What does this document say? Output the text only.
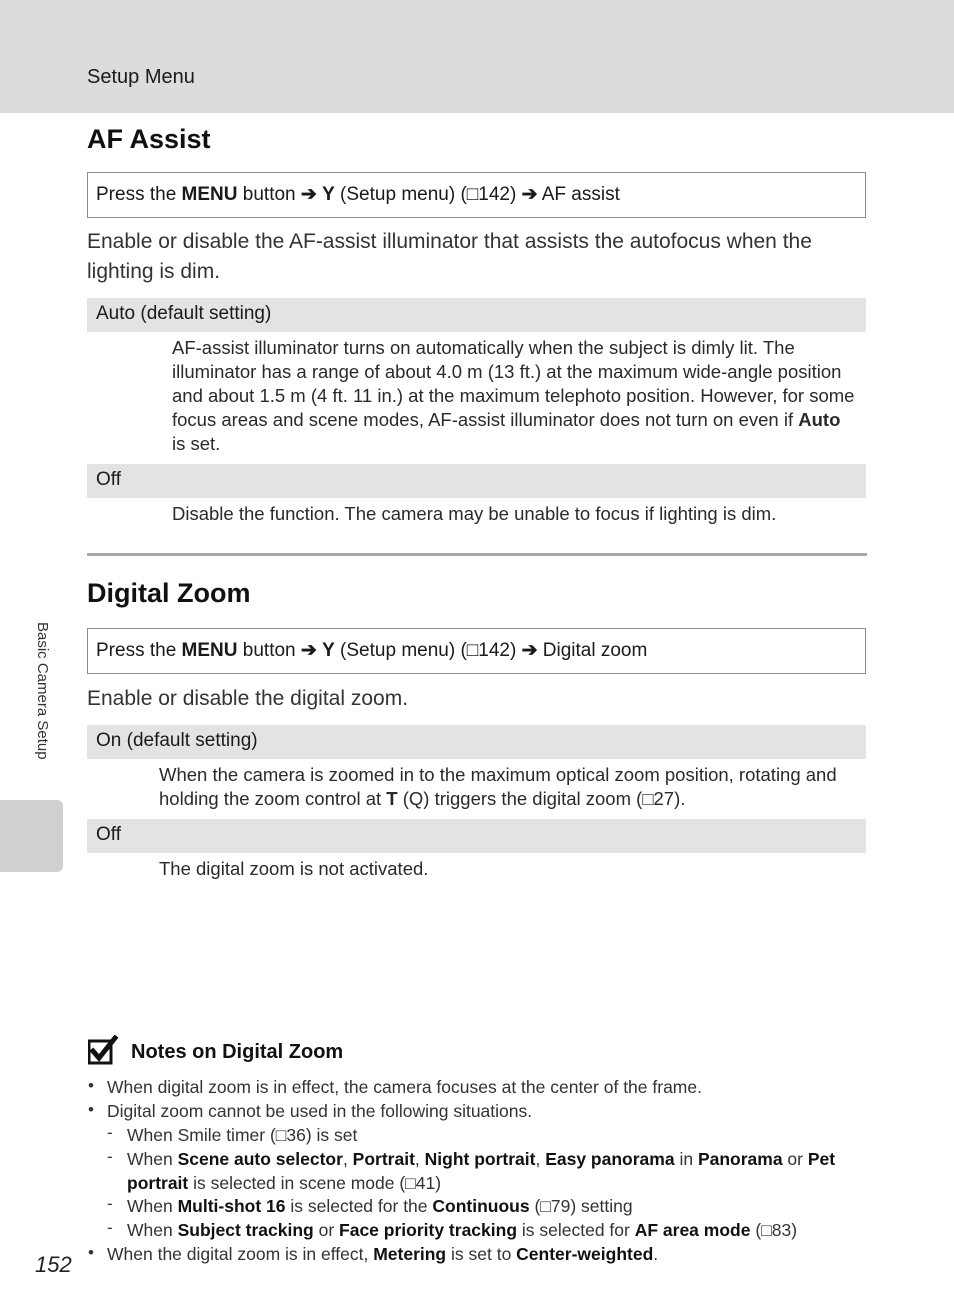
Setup Menu
AF Assist
Press the MENU button ➔ Y (Setup menu) (□142) ➔ AF assist
Enable or disable the AF-assist illuminator that assists the autofocus when the lighting is dim.
Auto (default setting)
AF-assist illuminator turns on automatically when the subject is dimly lit. The illuminator has a range of about 4.0 m (13 ft.) at the maximum wide-angle position and about 1.5 m (4 ft. 11 in.) at the maximum telephoto position. However, for some focus areas and scene modes, AF-assist illuminator does not turn on even if Auto is set.
Off
Disable the function. The camera may be unable to focus if lighting is dim.
Digital Zoom
Press the MENU button ➔ Y (Setup menu) (□142) ➔ Digital zoom
Enable or disable the digital zoom.
On (default setting)
When the camera is zoomed in to the maximum optical zoom position, rotating and holding the zoom control at T (Q) triggers the digital zoom (□27).
Off
The digital zoom is not activated.
Basic Camera Setup
Notes on Digital Zoom
• When digital zoom is in effect, the camera focuses at the center of the frame.
• Digital zoom cannot be used in the following situations.
- When Smile timer (□36) is set
- When Scene auto selector, Portrait, Night portrait, Easy panorama in Panorama or Pet
portrait is selected in scene mode (□41)
- When Multi-shot 16 is selected for the Continuous (□79) setting
- When Subject tracking or Face priority tracking is selected for AF area mode (□83)
• When the digital zoom is in effect, Metering is set to Center-weighted.
152
